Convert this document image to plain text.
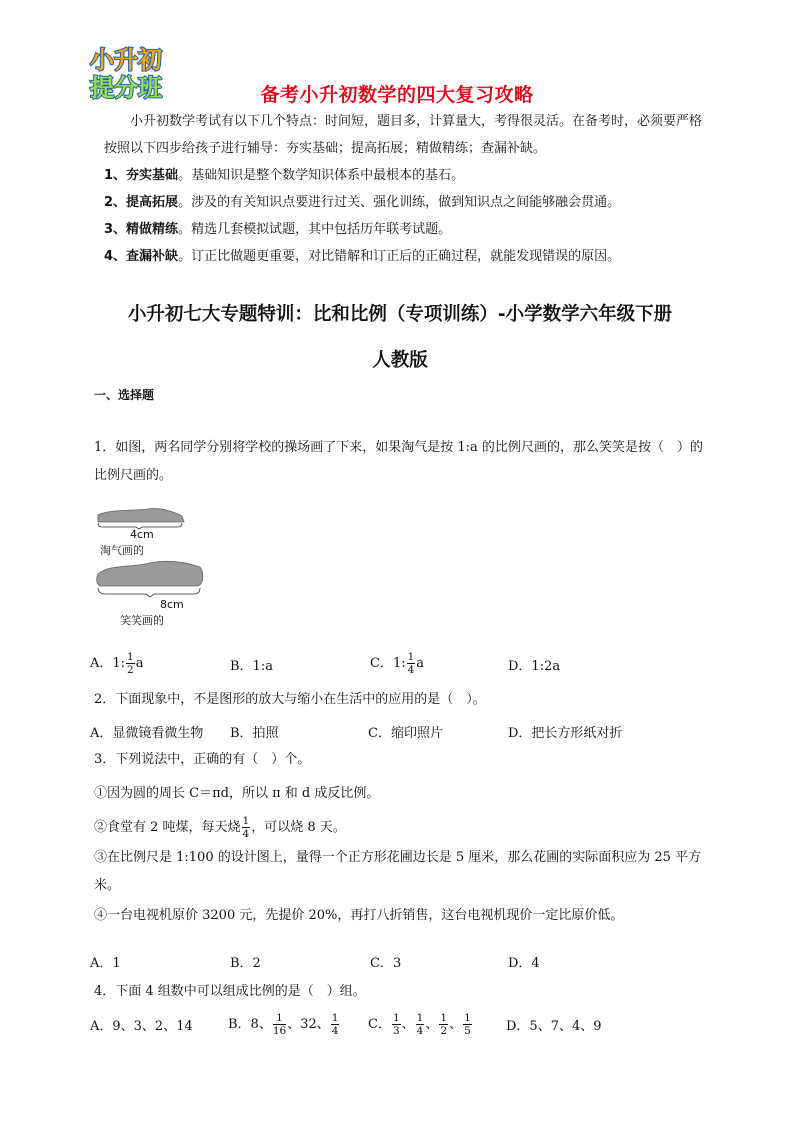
小升初
提分班	备考小升初数学的四大复习攻略

小升初数学考试有以下几个特点：时间短，题目多，计算量大，考得很灵活。在备考时，必须要严格按照以下四步给孩子进行辅导：夯实基础；提高拓展；精做精练；查漏补缺。

1、夯实基础。基础知识是整个数学知识体系中最根本的基石。

2、提高拓展。涉及的有关知识点要进行过关、强化训练，做到知识点之间能够融会贯通。

3、精做精练。精选几套模拟试题，其中包括历年联考试题。

4、查漏补缺。订正比做题更重要，对比错解和订正后的正确过程，就能发现错误的原因。

小升初七大专题特训：比和比例（专项训练）-小学数学六年级下册
人教版
一、选择题

1．如图，两名同学分别将学校的操场画了下来，如果淘气是按 1:a 的比例尺画的，那么笑笑是按（　）的比例尺画的。

4cm
淘气画的
8cm
笑笑画的
A．1: $\frac{1}{2}$ a	B．1:a	C．1: $\frac{1}{4}$ a	D．1:2a

2．下面现象中，不是图形的放大与缩小在生活中的应用的是（　）。

A．显微镜看微生物	B．拍照	C．缩印照片	D．把长方形纸对折

3．下列说法中，正确的有（　）个。

①因为圆的周长 C＝πd，所以 π 和 d 成反比例。

②食堂有 2 吨煤，每天烧 $\frac{1}{4}$ ，可以烧 8 天。

③在比例尺是 1:100 的设计图上，量得一个正方形花圃边长是 5 厘米，那么花圃的实际面积应为 25 平方米。

④一台电视机原价 3200 元，先提价 20%，再打八折销售，这台电视机现价一定比原价低。

A．1	B．2	C．3	D．4

4．下面 4 组数中可以组成比例的是（　）组。

A．9、3、2、14	B．8、 $\frac{1}{16}$ 、32、 $\frac{1}{4}$ C． $\frac{1}{3}$ 、 $\frac{1}{4}$ 、 $\frac{1}{2}$ 、 $\frac{1}{5}$	D．5、7、4、9
